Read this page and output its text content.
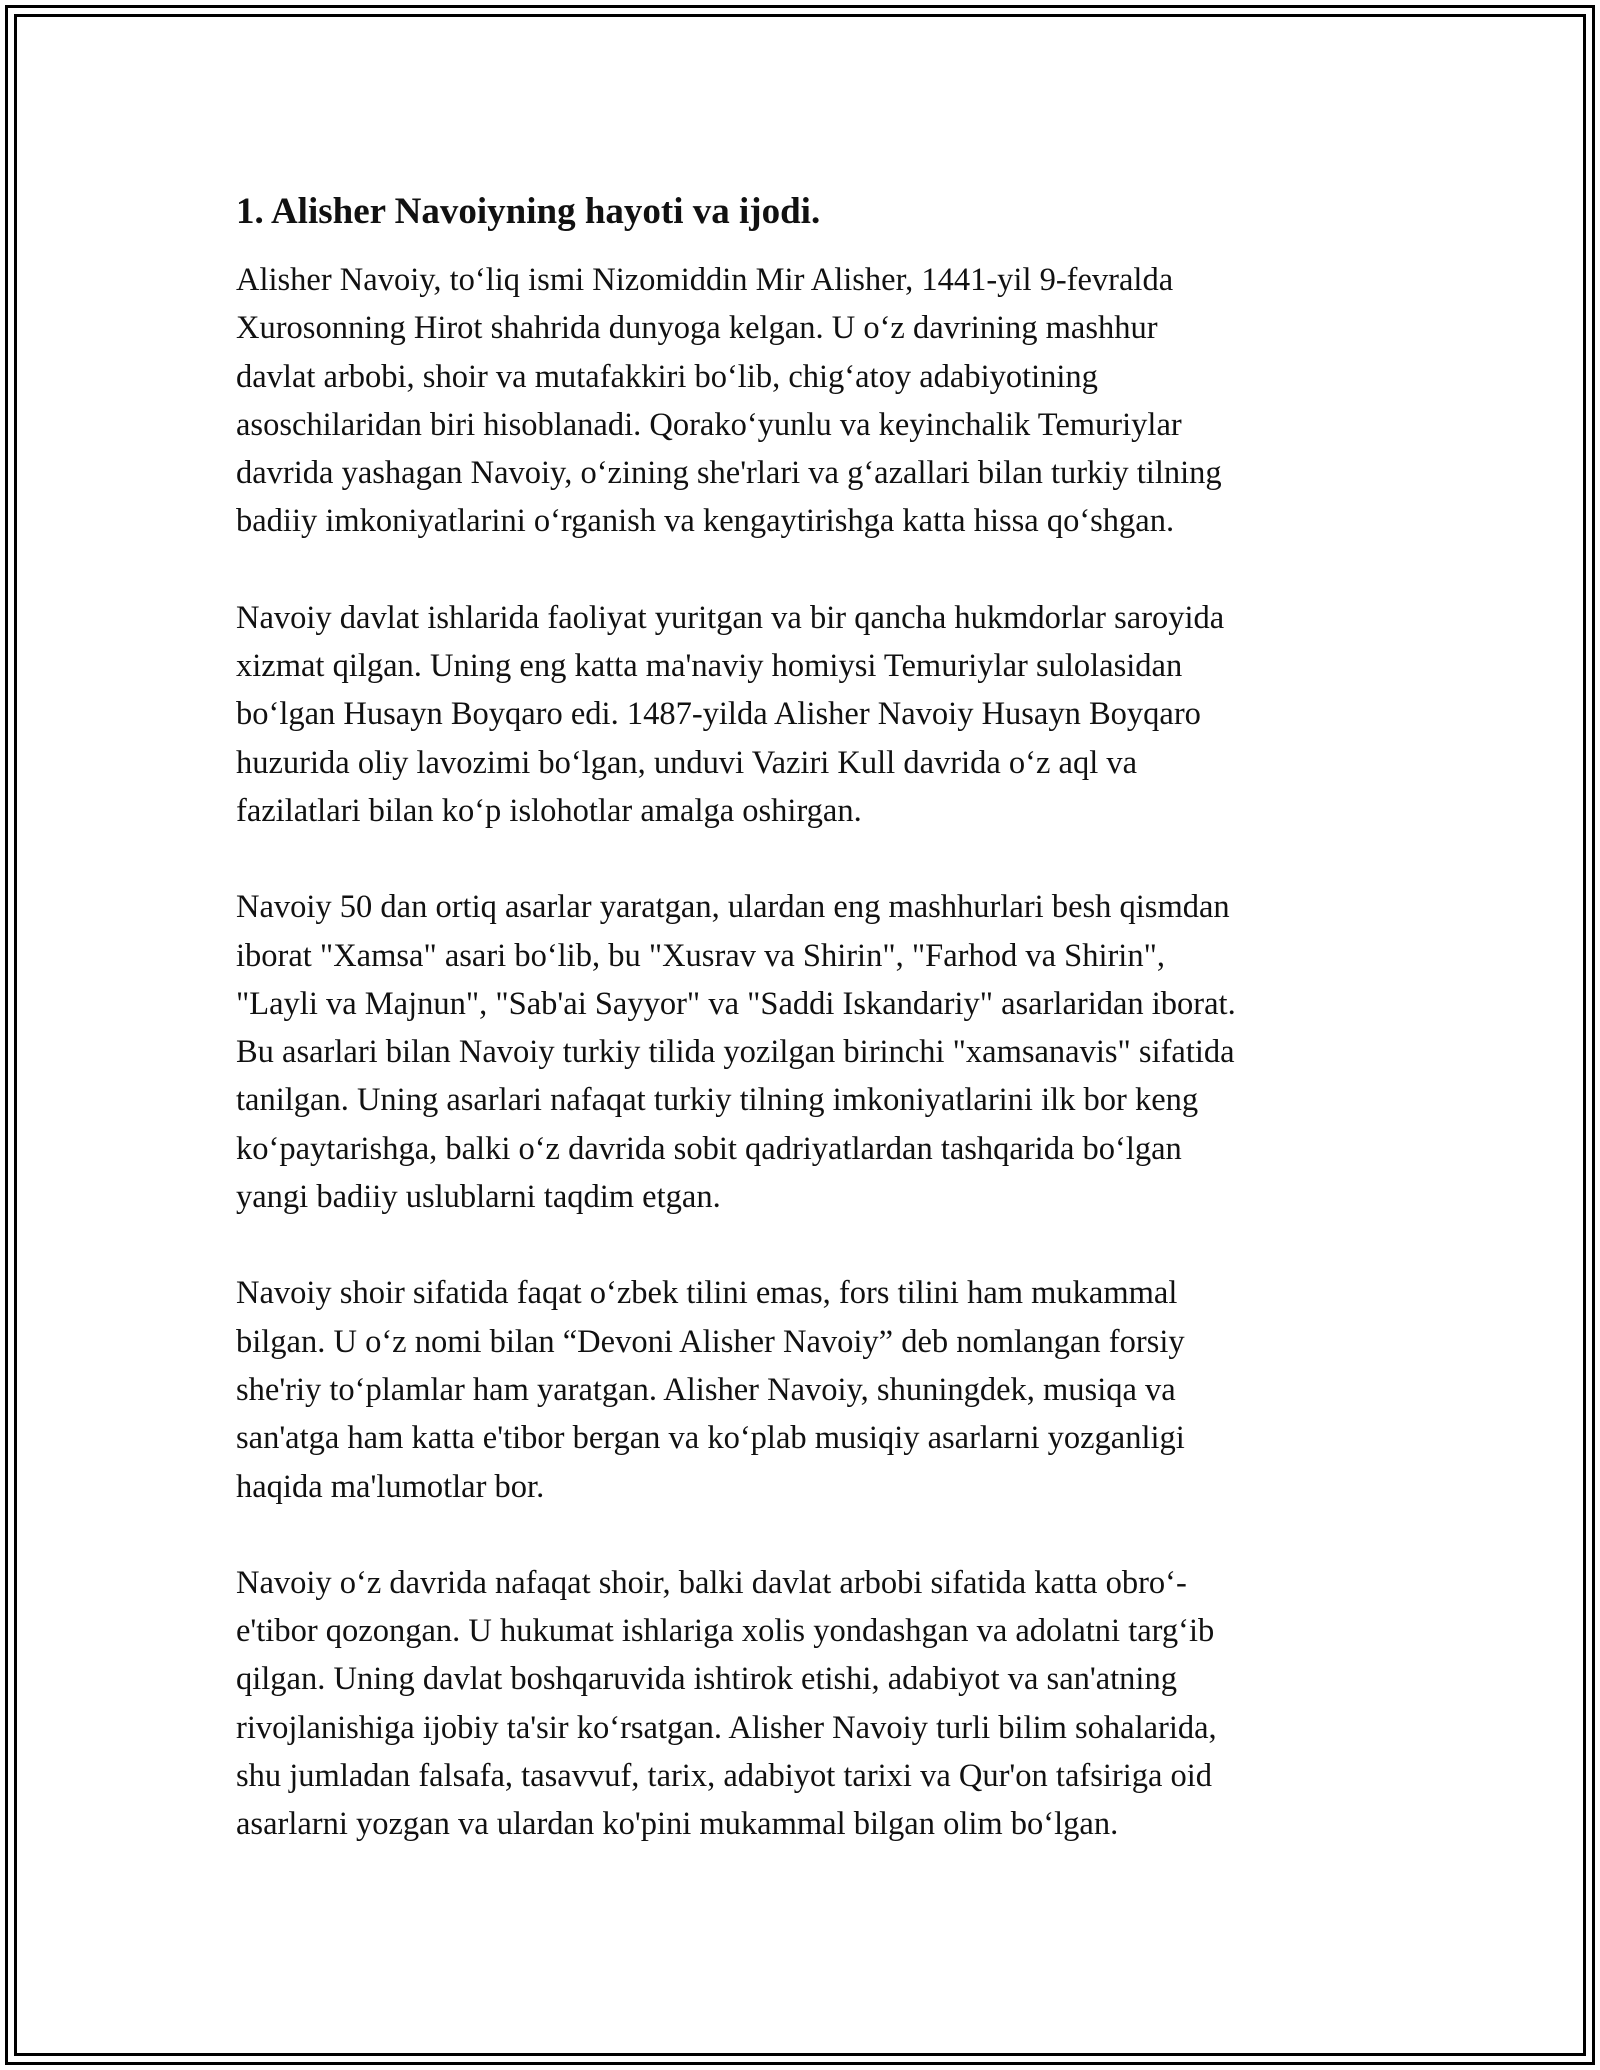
1. Alisher Navoiyning hayoti va ijodi.

Alisher Navoiy, to‘liq ismi Nizomiddin Mir Alisher, 1441-yil 9-fevralda
Xurosonning Hirot shahrida dunyoga kelgan. U o‘z davrining mashhur
davlat arbobi, shoir va mutafakkiri bo‘lib, chig‘atoy adabiyotining
asoschilaridan biri hisoblanadi. Qorako‘yunlu va keyinchalik Temuriylar
davrida yashagan Navoiy, o‘zining she'rlari va g‘azallari bilan turkiy tilning
badiiy imkoniyatlarini o‘rganish va kengaytirishga katta hissa qo‘shgan.

Navoiy davlat ishlarida faoliyat yuritgan va bir qancha hukmdorlar saroyida
xizmat qilgan. Uning eng katta ma'naviy homiysi Temuriylar sulolasidan
bo‘lgan Husayn Boyqaro edi. 1487-yilda Alisher Navoiy Husayn Boyqaro
huzurida oliy lavozimi bo‘lgan, unduvi Vaziri Kull davrida o‘z aql va
fazilatlari bilan ko‘p islohotlar amalga oshirgan.

Navoiy 50 dan ortiq asarlar yaratgan, ulardan eng mashhurlari besh qismdan
iborat "Xamsa" asari bo‘lib, bu "Xusrav va Shirin", "Farhod va Shirin",
"Layli va Majnun", "Sab'ai Sayyor" va "Saddi Iskandariy" asarlaridan iborat.
Bu asarlari bilan Navoiy turkiy tilida yozilgan birinchi "xamsanavis" sifatida
tanilgan. Uning asarlari nafaqat turkiy tilning imkoniyatlarini ilk bor keng
ko‘paytarishga, balki o‘z davrida sobit qadriyatlardan tashqarida bo‘lgan
yangi badiiy uslublarni taqdim etgan.

Navoiy shoir sifatida faqat o‘zbek tilini emas, fors tilini ham mukammal
bilgan. U o‘z nomi bilan “Devoni Alisher Navoiy” deb nomlangan forsiy
she'riy to‘plamlar ham yaratgan. Alisher Navoiy, shuningdek, musiqa va
san'atga ham katta e'tibor bergan va ko‘plab musiqiy asarlarni yozganligi
haqida ma'lumotlar bor.

Navoiy o‘z davrida nafaqat shoir, balki davlat arbobi sifatida katta obro‘-
e'tibor qozongan. U hukumat ishlariga xolis yondashgan va adolatni targ‘ib
qilgan. Uning davlat boshqaruvida ishtirok etishi, adabiyot va san'atning
rivojlanishiga ijobiy ta'sir ko‘rsatgan. Alisher Navoiy turli bilim sohalarida,
shu jumladan falsafa, tasavvuf, tarix, adabiyot tarixi va Qur'on tafsiriga oid
asarlarni yozgan va ulardan ko'pini mukammal bilgan olim bo‘lgan.
